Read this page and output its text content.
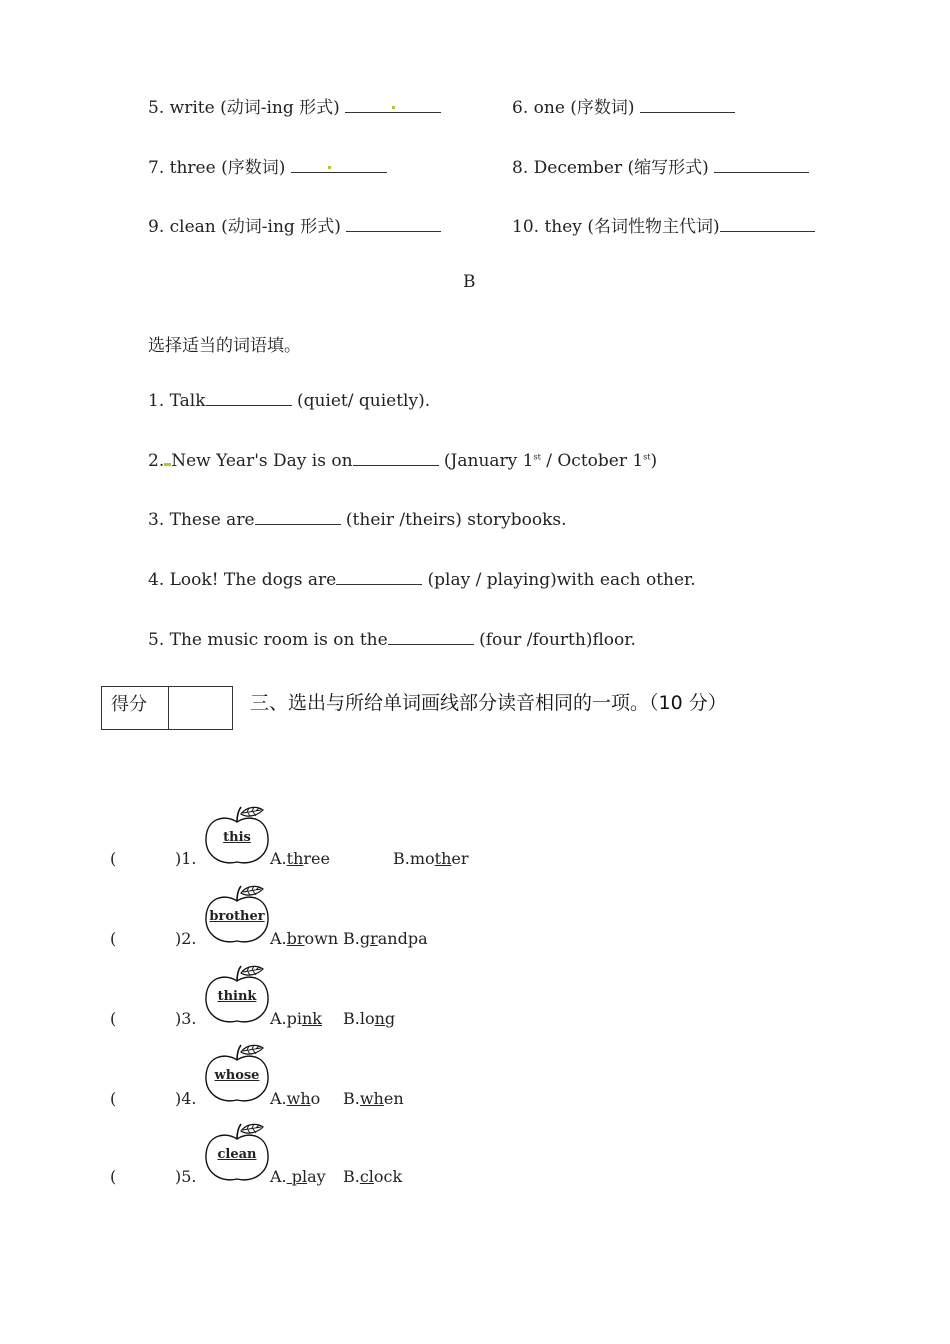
5. write (动词-ing 形式)	6. one (序数词)
7. three (序数词)	8. December (缩写形式)
9. clean (动词-ing 形式)	10. they (名词性物主代词)
B
选择适当的词语填。
1. Talk	(quiet/ quietly).
2. New Year's Day is on	(January 1st / October 1st)
3. These are	(their /theirs) storybooks.
4. Look! The dogs are	(play / playing)with each other.
5. The music room is on the	(four /fourth)floor.
得分	三、选出与所给单词画线部分读音相同的一项。（10 分）
(	)1.
this
A.three	B.mother
(	)2.
brother
A.brown B.grandpa
(	)3.
think
A.pink B.long
(	)4.
whose
A.who B.when
(	)5.
clean
A. play B.clock
